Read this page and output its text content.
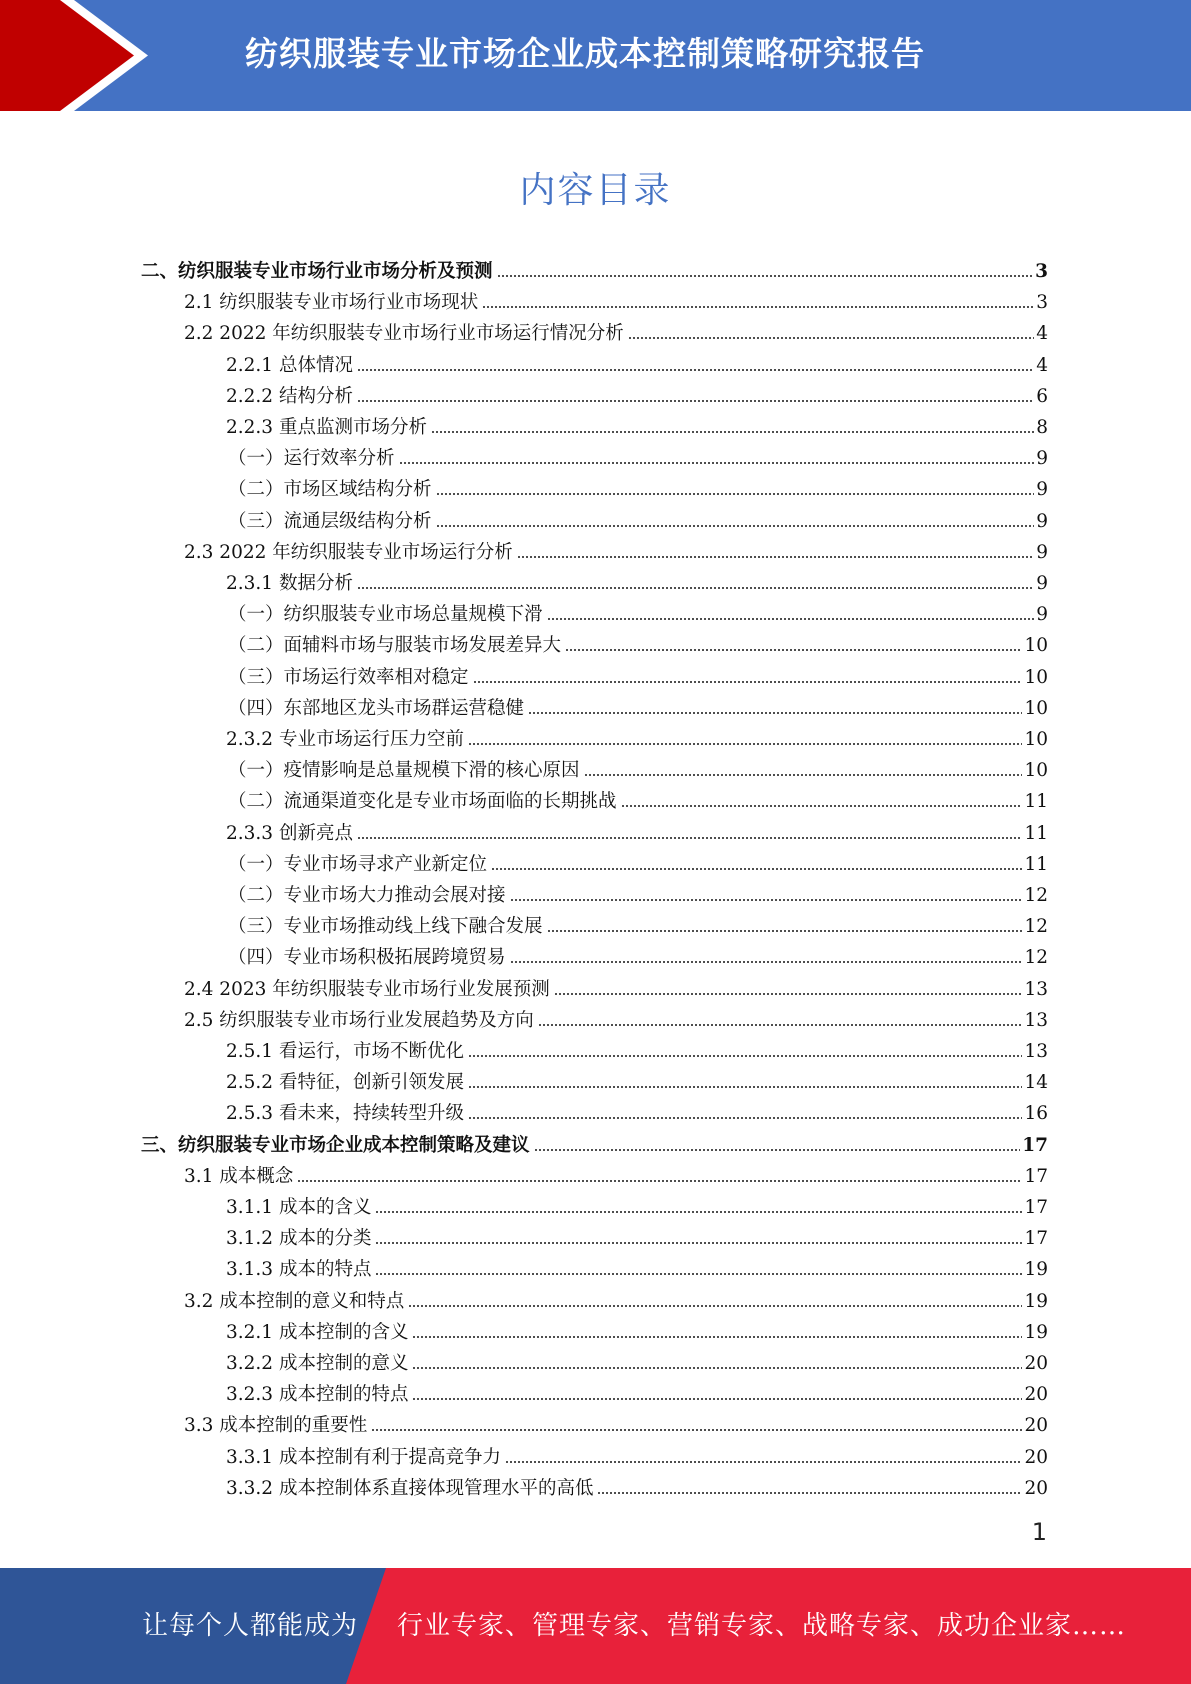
纺织服装专业市场企业成本控制策略研究报告
内容目录
二、纺织服装专业市场行业市场分析及预测	3
2.1 纺织服装专业市场行业市场现状	3
2.2 2022 年纺织服装专业市场行业市场运行情况分析	4
2.2.1 总体情况	4
2.2.2 结构分析	6
2.2.3 重点监测市场分析	8
（一）运行效率分析	9
（二）市场区域结构分析	9
（三）流通层级结构分析	9
2.3 2022 年纺织服装专业市场运行分析	9
2.3.1 数据分析	9
（一）纺织服装专业市场总量规模下滑	9
（二）面辅料市场与服装市场发展差异大	10
（三）市场运行效率相对稳定	10
（四）东部地区龙头市场群运营稳健	10
2.3.2 专业市场运行压力空前	10
（一）疫情影响是总量规模下滑的核心原因	10
（二）流通渠道变化是专业市场面临的长期挑战	11
2.3.3 创新亮点	11
（一）专业市场寻求产业新定位	11
（二）专业市场大力推动会展对接	12
（三）专业市场推动线上线下融合发展	12
（四）专业市场积极拓展跨境贸易	12
2.4 2023 年纺织服装专业市场行业发展预测	13
2.5 纺织服装专业市场行业发展趋势及方向	13
2.5.1 看运行，市场不断优化	13
2.5.2 看特征，创新引领发展	14
2.5.3 看未来，持续转型升级	16
三、纺织服装专业市场企业成本控制策略及建议	17
3.1 成本概念	17
3.1.1 成本的含义	17
3.1.2 成本的分类	17
3.1.3 成本的特点	19
3.2 成本控制的意义和特点	19
3.2.1 成本控制的含义	19
3.2.2 成本控制的意义	20
3.2.3 成本控制的特点	20
3.3 成本控制的重要性	20
3.3.1 成本控制有利于提高竞争力	20
3.3.2 成本控制体系直接体现管理水平的高低	20
1
让每个人都能成为 行业专家、管理专家、营销专家、战略专家、成功企业家……
